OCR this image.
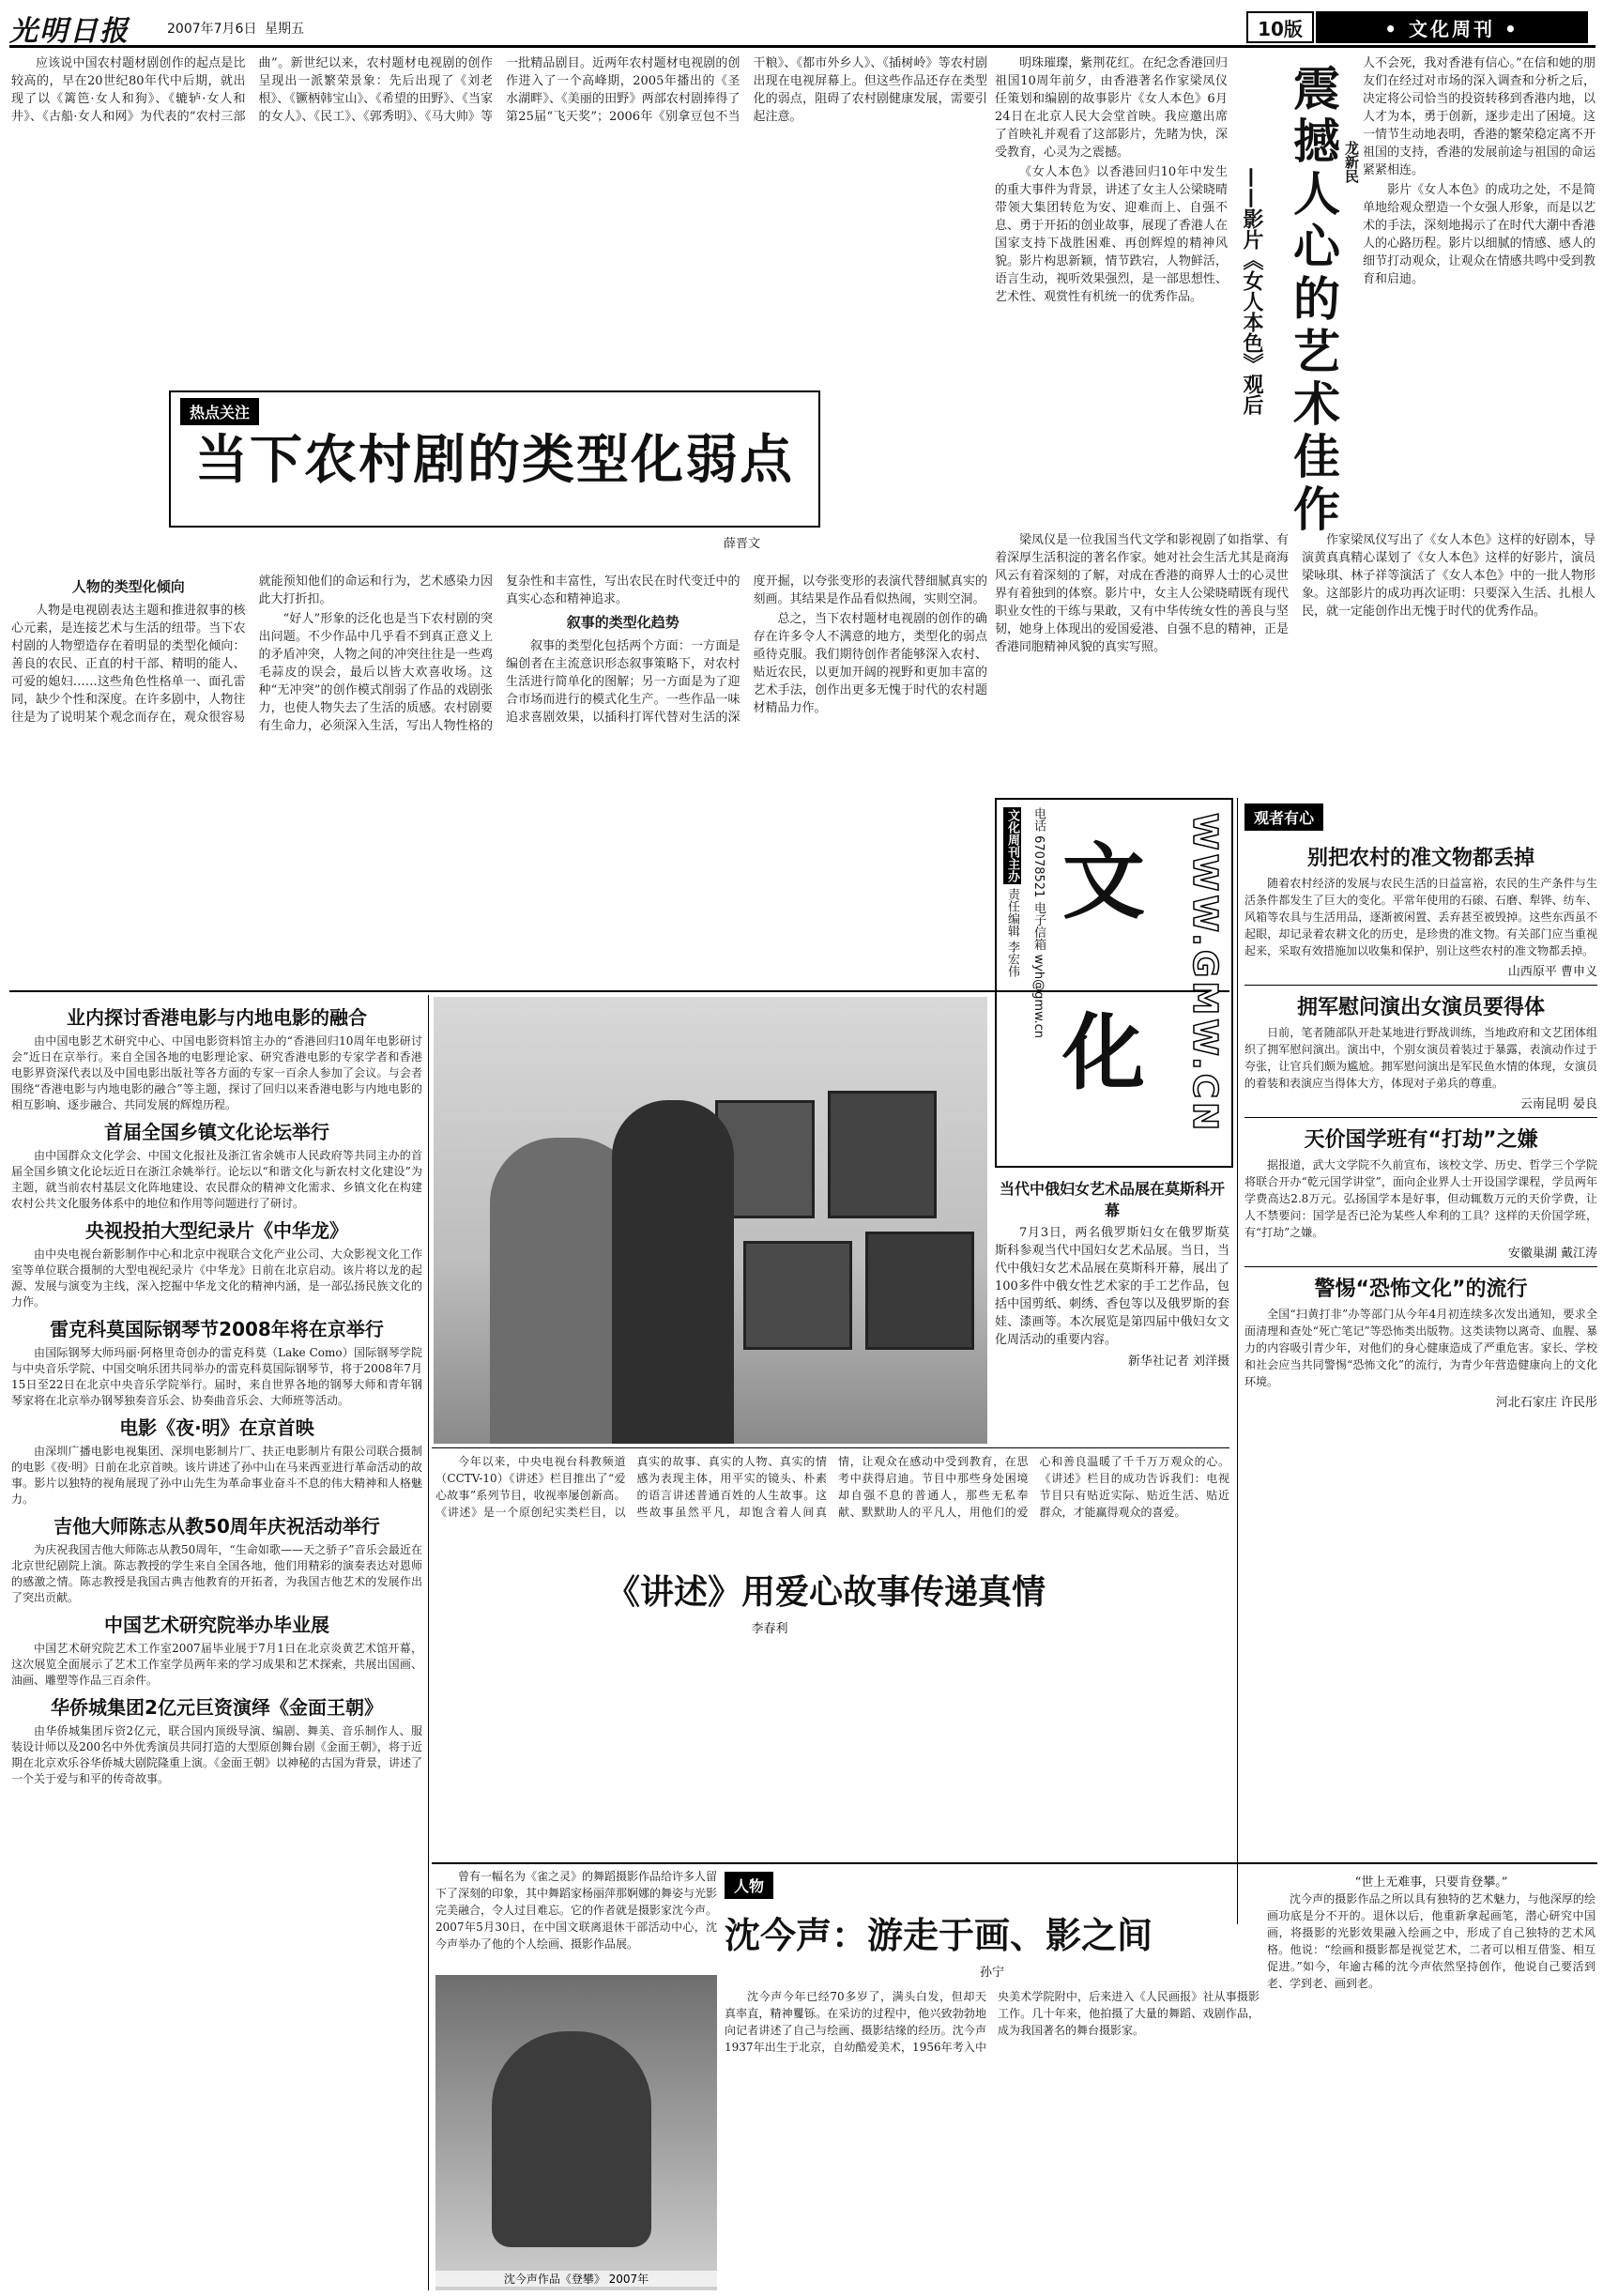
光明日报	2007年7月6日 星期五	10版	• 文化周刊 •

应该说中国农村题材剧创作的起点是比较高的，早在20世纪80年代中后期，就出现了以《篱笆·女人和狗》、《辘轳·女人和井》、《古船·女人和网》为代表的“农村三部曲”。新世纪以来，农村题材电视剧的创作呈现出一派繁荣景象：先后出现了《刘老根》、《镢柄韩宝山》、《希望的田野》、《当家的女人》、《民工》、《郭秀明》、《马大帅》等一批精品剧目。近两年农村题材电视剧的创作进入了一个高峰期，2005年播出的《圣水湖畔》、《美丽的田野》两部农村剧捧得了第25届“飞天奖”；2006年《别拿豆包不当干粮》、《都市外乡人》、《插树岭》等农村剧出现在电视屏幕上。但这些作品还存在类型化的弱点，阻碍了农村剧健康发展，需要引起注意。

热点关注
当下农村剧的类型化弱点
薛晋文
人物的类型化倾向

人物是电视剧表达主题和推进叙事的核心元素，是连接艺术与生活的纽带。当下农村剧的人物塑造存在着明显的类型化倾向：善良的农民、正直的村干部、精明的能人、可爱的媳妇……这些角色性格单一、面孔雷同，缺少个性和深度。在许多剧中，人物往往是为了说明某个观念而存在，观众很容易就能预知他们的命运和行为，艺术感染力因此大打折扣。

“好人”形象的泛化也是当下农村剧的突出问题。不少作品中几乎看不到真正意义上的矛盾冲突，人物之间的冲突往往是一些鸡毛蒜皮的误会，最后以皆大欢喜收场。这种“无冲突”的创作模式削弱了作品的戏剧张力，也使人物失去了生活的质感。农村剧要有生命力，必须深入生活，写出人物性格的复杂性和丰富性，写出农民在时代变迁中的真实心态和精神追求。

叙事的类型化趋势

叙事的类型化包括两个方面：一方面是编创者在主流意识形态叙事策略下，对农村生活进行简单化的图解；另一方面是为了迎合市场而进行的模式化生产。一些作品一味追求喜剧效果，以插科打诨代替对生活的深度开掘，以夸张变形的表演代替细腻真实的刻画。其结果是作品看似热闹，实则空洞。

总之，当下农村题材电视剧的创作的确存在许多令人不满意的地方，类型化的弱点亟待克服。我们期待创作者能够深入农村、贴近农民，以更加开阔的视野和更加丰富的艺术手法，创作出更多无愧于时代的农村题材精品力作。

明珠璀璨，紫荆花红。在纪念香港回归祖国10周年前夕，由香港著名作家梁凤仪任策划和编剧的故事影片《女人本色》6月24日在北京人民大会堂首映。我应邀出席了首映礼并观看了这部影片，先睹为快，深受教育，心灵为之震撼。

《女人本色》以香港回归10年中发生的重大事件为背景，讲述了女主人公梁晓晴带领大集团转危为安、迎难而上、自强不息、勇于开拓的创业故事，展现了香港人在国家支持下战胜困难、再创辉煌的精神风貌。影片构思新颖，情节跌宕，人物鲜活，语言生动，视听效果强烈，是一部思想性、艺术性、观赏性有机统一的优秀作品。	震撼人心的艺术佳作
——影片《女人本色》观后
龙新民

人不会死，我对香港有信心。”在信和她的朋友们在经过对市场的深入调查和分析之后，决定将公司恰当的投资转移到香港内地，以人才为本，勇于创新，逐步走出了困境。这一情节生动地表明，香港的繁荣稳定离不开祖国的支持，香港的发展前途与祖国的命运紧紧相连。

影片《女人本色》的成功之处，不是简单地给观众塑造一个女强人形象，而是以艺术的手法，深刻地揭示了在时代大潮中香港人的心路历程。影片以细腻的情感、感人的细节打动观众，让观众在情感共鸣中受到教育和启迪。

梁凤仪是一位我国当代文学和影视剧了如指掌、有着深厚生活积淀的著名作家。她对社会生活尤其是商海风云有着深刻的了解，对成在香港的商界人士的心灵世界有着独到的体察。影片中，女主人公梁晓晴既有现代职业女性的干练与果敢，又有中华传统女性的善良与坚韧，她身上体现出的爱国爱港、自强不息的精神，正是香港同胞精神风貌的真实写照。

作家梁凤仪写出了《女人本色》这样的好剧本，导演黄真真精心谋划了《女人本色》这样的好影片，演员梁咏琪、林子祥等演活了《女人本色》中的一批人物形象。这部影片的成功再次证明：只要深入生活、扎根人民，就一定能创作出无愧于时代的优秀作品。

文
化 WWW.GMW.CN
文化周刊主办 责任编辑 李宏伟
电话 67078521 电子信箱 wyh@gmw.cn
当代中俄妇女艺术品展在莫斯科开幕

7月3日，两名俄罗斯妇女在俄罗斯莫斯科参观当代中国妇女艺术品展。当日，当代中俄妇女艺术品展在莫斯科开幕，展出了100多件中俄女性艺术家的手工艺作品，包括中国剪纸、刺绣、香包等以及俄罗斯的套娃、漆画等。本次展览是第四届中俄妇女文化周活动的重要内容。

新华社记者 刘洋摄
观者有心
别把农村的准文物都丢掉

随着农村经济的发展与农民生活的日益富裕，农民的生产条件与生活条件都发生了巨大的变化。平常年使用的石磙、石磨、犁铧、纺车、风箱等农具与生活用品，逐渐被闲置、丢弃甚至被毁掉。这些东西虽不起眼，却记录着农耕文化的历史，是珍贵的准文物。有关部门应当重视起来，采取有效措施加以收集和保护，别让这些农村的准文物都丢掉。

山西原平 曹申义
拥军慰问演出女演员要得体

日前，笔者随部队开赴某地进行野战训练，当地政府和文艺团体组织了拥军慰问演出。演出中，个别女演员着装过于暴露，表演动作过于夸张，让官兵们颇为尴尬。拥军慰问演出是军民鱼水情的体现，女演员的着装和表演应当得体大方，体现对子弟兵的尊重。

云南昆明 晏良
天价国学班有“打劫”之嫌

据报道，武大文学院不久前宣布，该校文学、历史、哲学三个学院将联合开办“乾元国学讲堂”，面向企业界人士开设国学课程，学员两年学费高达2.8万元。弘扬国学本是好事，但动辄数万元的天价学费，让人不禁要问：国学是否已沦为某些人牟利的工具？这样的天价国学班，有“打劫”之嫌。

安徽巢湖 戴江涛
警惕“恐怖文化”的流行

全国“扫黄打非”办等部门从今年4月初连续多次发出通知，要求全面清理和查处“死亡笔记”等恐怖类出版物。这类读物以离奇、血腥、暴力的内容吸引青少年，对他们的身心健康造成了严重危害。家长、学校和社会应当共同警惕“恐怖文化”的流行，为青少年营造健康向上的文化环境。

河北石家庄 许民彤
业内探讨香港电影与内地电影的融合

由中国电影艺术研究中心、中国电影资料馆主办的“香港回归10周年电影研讨会”近日在京举行。来自全国各地的电影理论家、研究香港电影的专家学者和香港电影界资深代表以及中国电影出版社等各方面的专家一百余人参加了会议。与会者围绕“香港电影与内地电影的融合”等主题，探讨了回归以来香港电影与内地电影的相互影响、逐步融合、共同发展的辉煌历程。

首届全国乡镇文化论坛举行

由中国群众文化学会、中国文化报社及浙江省余姚市人民政府等共同主办的首届全国乡镇文化论坛近日在浙江余姚举行。论坛以“和谐文化与新农村文化建设”为主题，就当前农村基层文化阵地建设、农民群众的精神文化需求、乡镇文化在构建农村公共文化服务体系中的地位和作用等问题进行了研讨。

央视投拍大型纪录片《中华龙》

由中央电视台新影制作中心和北京中视联合文化产业公司、大众影视文化工作室等单位联合摄制的大型电视纪录片《中华龙》日前在北京启动。该片将以龙的起源、发展与演变为主线，深入挖掘中华龙文化的精神内涵，是一部弘扬民族文化的力作。

雷克科莫国际钢琴节2008年将在京举行

由国际钢琴大师玛丽·阿格里奇创办的雷克科莫（Lake Como）国际钢琴学院与中央音乐学院、中国交响乐团共同举办的雷克科莫国际钢琴节，将于2008年7月15日至22日在北京中央音乐学院举行。届时，来自世界各地的钢琴大师和青年钢琴家将在北京举办钢琴独奏音乐会、协奏曲音乐会、大师班等活动。

电影《夜·明》在京首映

由深圳广播电影电视集团、深圳电影制片厂、扶正电影制片有限公司联合摄制的电影《夜·明》日前在北京首映。该片讲述了孙中山在马来西亚进行革命活动的故事。影片以独特的视角展现了孙中山先生为革命事业奋斗不息的伟大精神和人格魅力。

吉他大师陈志从教50周年庆祝活动举行

为庆祝我国吉他大师陈志从教50周年，“生命如歌——天之骄子”音乐会最近在北京世纪剧院上演。陈志教授的学生来自全国各地，他们用精彩的演奏表达对恩师的感激之情。陈志教授是我国古典吉他教育的开拓者，为我国吉他艺术的发展作出了突出贡献。

中国艺术研究院举办毕业展

中国艺术研究院艺术工作室2007届毕业展于7月1日在北京炎黄艺术馆开幕，这次展览全面展示了艺术工作室学员两年来的学习成果和艺术探索，共展出国画、油画、雕塑等作品三百余件。

华侨城集团2亿元巨资演绎《金面王朝》

由华侨城集团斥资2亿元，联合国内顶级导演、编剧、舞美、音乐制作人、服装设计师以及200名中外优秀演员共同打造的大型原创舞台剧《金面王朝》，将于近期在北京欢乐谷华侨城大剧院隆重上演。《金面王朝》以神秘的古国为背景，讲述了一个关于爱与和平的传奇故事。

《讲述》用爱心故事传递真情
李春利

今年以来，中央电视台科教频道（CCTV-10）《讲述》栏目推出了“爱心故事”系列节目，收视率屡创新高。《讲述》是一个原创纪实类栏目，以真实的故事、真实的人物、真实的情感为表现主体，用平实的镜头、朴素的语言讲述普通百姓的人生故事。这些故事虽然平凡，却饱含着人间真情，让观众在感动中受到教育，在思考中获得启迪。节目中那些身处困境却自强不息的普通人，那些无私奉献、默默助人的平凡人，用他们的爱心和善良温暖了千千万万观众的心。《讲述》栏目的成功告诉我们：电视节目只有贴近实际、贴近生活、贴近群众，才能赢得观众的喜爱。

曾有一幅名为《雀之灵》的舞蹈摄影作品给许多人留下了深刻的印象，其中舞蹈家杨丽萍那婀娜的舞姿与光影完美融合，令人过目难忘。它的作者就是摄影家沈今声。2007年5月30日，在中国文联离退休干部活动中心，沈今声举办了他的个人绘画、摄影作品展。

人物
沈今声：游走于画、影之间
孙宁
“世上无难事，只要肯登攀。”

沈今声的摄影作品之所以具有独特的艺术魅力，与他深厚的绘画功底是分不开的。退休以后，他重新拿起画笔，潜心研究中国画，将摄影的光影效果融入绘画之中，形成了自己独特的艺术风格。他说：“绘画和摄影都是视觉艺术，二者可以相互借鉴、相互促进。”如今，年逾古稀的沈今声依然坚持创作，他说自己要活到老、学到老、画到老。

沈今声作品《登攀》 2007年

沈今声今年已经70多岁了，满头白发，但却天真率直，精神矍铄。在采访的过程中，他兴致勃勃地向记者讲述了自己与绘画、摄影结缘的经历。沈今声1937年出生于北京，自幼酷爱美术，1956年考入中央美术学院附中，后来进入《人民画报》社从事摄影工作。几十年来，他拍摄了大量的舞蹈、戏剧作品，成为我国著名的舞台摄影家。
